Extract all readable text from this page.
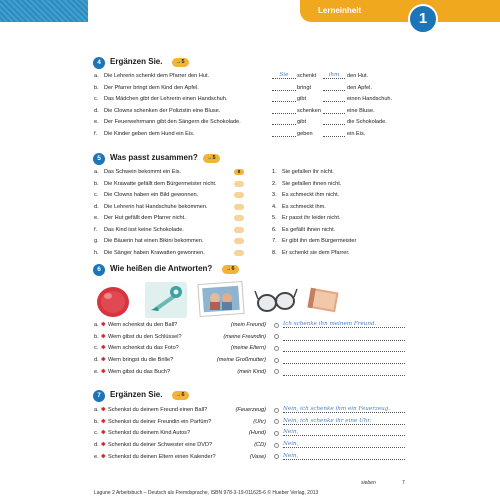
Lerneinheit	1
4	Ergänzen Sie.	→5
a. Die Lehrerin schenkt dem Pfarrer den Hut.	Sie	schenkt	ihm	den Hut.
b. Der Pfarrer bringt dem Kind den Apfel.	bringt	den Apfel.
c. Das Mädchen gibt der Lehrerin einen Handschuh.	gibt	einen Handschuh.
d. Die Clowns schenken der Polizistin eine Bluse.	schenken	eine Bluse.
e. Der Feuerwehrmann gibt den Sängern die Schokolade.	gibt	die Schokolade.
f. Die Kinder geben dem Hund ein Eis.	geben	ein Eis.
5	Was passt zusammen?	→5
a. Das Schwein bekommt ein Eis.	8
b. Die Krawatte gefällt dem Bürgermeister nicht.
c. Die Clowns haben ein Bild gewonnen.
d. Die Lehrerin hat Handschuhe bekommen.
e. Der Hut gefällt dem Pfarrer nicht.
f. Das Kind isst keine Schokolade.
g. Die Bäuerin hat einen Bikini bekommen.
h. Die Sänger haben Krawatten gewonnen.
1. Sie gefallen ihr nicht.
2. Sie gefallen ihnen nicht.
3. Es schmeckt ihm nicht.
4. Es schmeckt ihm.
5. Er passt ihr leider nicht.
6. Es gefällt ihnen nicht.
7. Er gibt ihn dem Bürgermeister
8. Er schenkt sie dem Pfarrer.
6	Wie heißen die Antworten?	→6
a. ✱ Wem schenkst du den Ball?	(mein Freund)	Ich schenke ihn meinem Freund.
b. ✱ Wem gibst du den Schlüssel?	(meine Freundin)
c. ✱ Wem schenkst du das Foto?	(meine Eltern)
d. ✱ Wem bringst du die Brille?	(meine Großmutter)
e. ✱ Wem gibst du das Buch?	(mein Kind)
7	Ergänzen Sie.	→6
a. ✱ Schenkst du deinem Freund einen Ball?	(Feuerzeug)	Nein, ich schenke ihm ein Feuerzeug.
b. ✱ Schenkst du deiner Freundin ein Parfüm?	(Uhr)	Nein, ich schenke ihr eine Uhr.
c. ✱ Schenkst du deinem Kind Autos?	(Hund)	Nein,
d. ✱ Schenkst du deiner Schwester eine DVD?	(CD)	Nein,
e. ✱ Schenkst du deinen Eltern einen Kalender?	(Vase)	Nein,
sieben	7
Lagune 2 Arbeitsbuch – Deutsch als Fremdsprache, ISBN 978-3-19-011625-6 © Hueber Verlag, 2013
